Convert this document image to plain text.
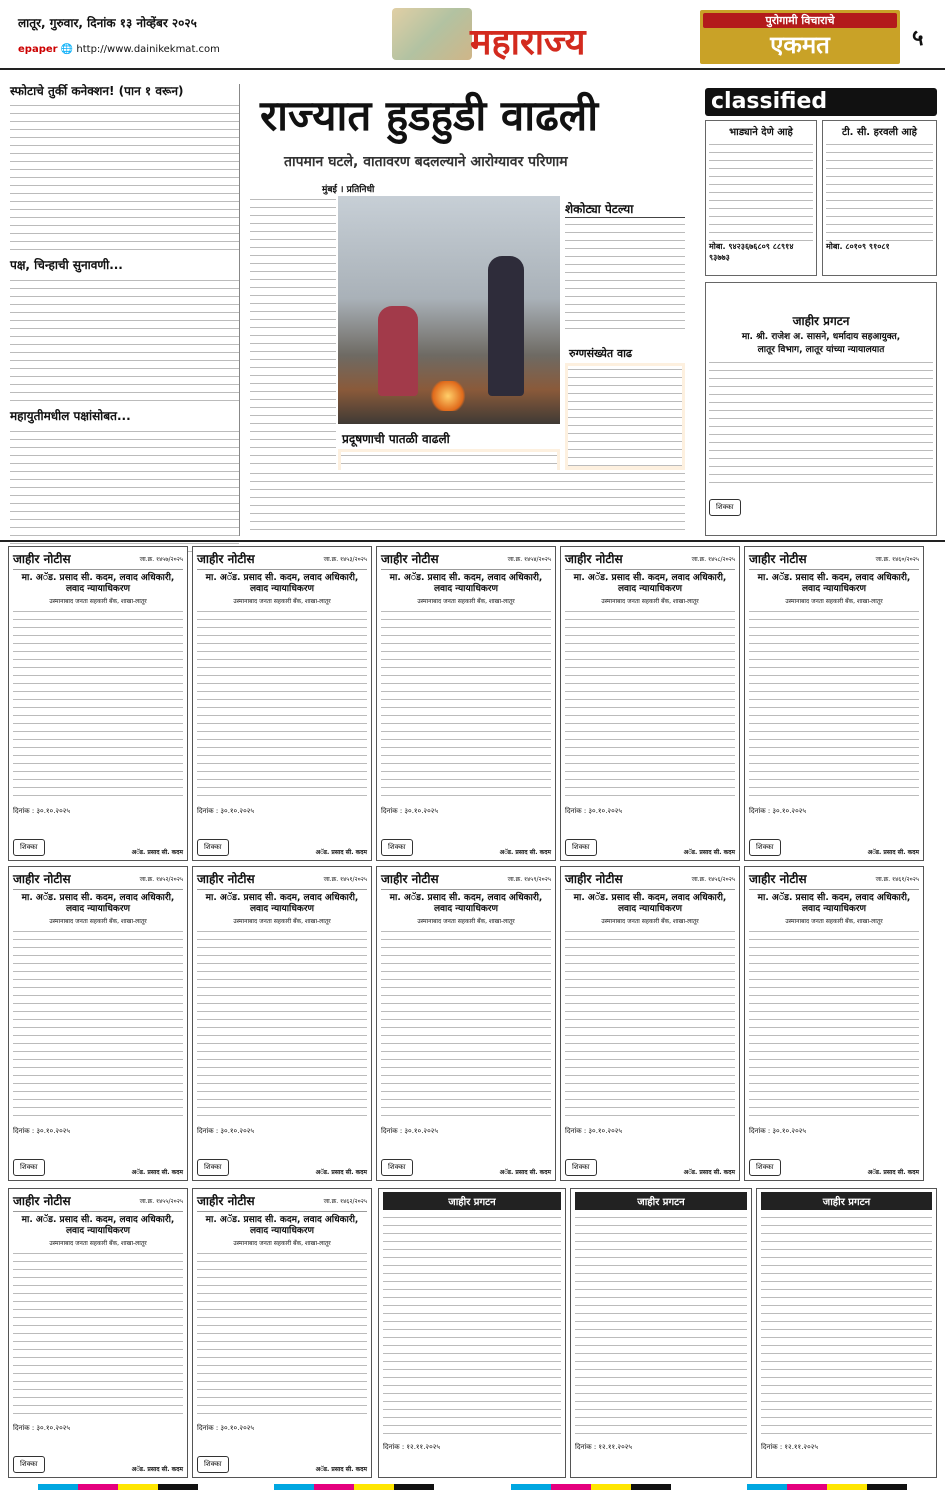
लातूर, गुरुवार, दिनांक १३ नोव्हेंबर २०२५
epaper 🌐 http://www.dainikekmat.com	महाराज्य
पुरोगामी विचाराचे
एकमत	५
स्फोटाचे तुर्की कनेक्शन! (पान १ वरून)
पक्ष, चिन्हाची सुनावणी...
महायुतीमधील पक्षांसोबत...
राज्यात हुडहुडी वाढली
तापमान घटले, वातावरण बदलल्याने आरोग्यावर परिणाम
मुंबई । प्रतिनिधी
शेकोट्या पेटल्या
प्रदूषणाची पातळी वाढली
रुग्णसंख्येत वाढ
classified
भाड्याने देणे आहे
मोबा. ९४२३६७६८०९ ८८९१४ ९३७७३
टी. सी. हरवली आहे
मोबा. ८०१०९ ९१०८१
जाहीर प्रगटन
मा. श्री. राजेश अ. सासने, धर्मादाय सहआयुक्त,
लातूर विभाग, लातूर यांच्या न्यायालयात
शिक्का
जाहीर नोटीस	जा.क्र. १४५७/२०२५
मा. अॅड. प्रसाद सी. कदम, लवाद अधिकारी,
लवाद न्यायाधिकरण
उस्मानाबाद जनता सहकारी बँक, शाखा-लातूर
दिनांक : ३०.१०.२०२५
शिक्का
अॅड. प्रसाद सी. कदम
जाहीर नोटीस	जा.क्र. १४५३/२०२५
मा. अॅड. प्रसाद सी. कदम, लवाद अधिकारी,
लवाद न्यायाधिकरण
उस्मानाबाद जनता सहकारी बँक, शाखा-लातूर
दिनांक : ३०.१०.२०२५
शिक्का
अॅड. प्रसाद सी. कदम
जाहीर नोटीस	जा.क्र. १४५४/२०२५
मा. अॅड. प्रसाद सी. कदम, लवाद अधिकारी,
लवाद न्यायाधिकरण
उस्मानाबाद जनता सहकारी बँक, शाखा-लातूर
दिनांक : ३०.१०.२०२५
शिक्का
अॅड. प्रसाद सी. कदम
जाहीर नोटीस	जा.क्र. १४५८/२०२५
मा. अॅड. प्रसाद सी. कदम, लवाद अधिकारी,
लवाद न्यायाधिकरण
उस्मानाबाद जनता सहकारी बँक, शाखा-लातूर
दिनांक : ३०.१०.२०२५
शिक्का
अॅड. प्रसाद सी. कदम
जाहीर नोटीस	जा.क्र. १४६०/२०२५
मा. अॅड. प्रसाद सी. कदम, लवाद अधिकारी,
लवाद न्यायाधिकरण
उस्मानाबाद जनता सहकारी बँक, शाखा-लातूर
दिनांक : ३०.१०.२०२५
शिक्का
अॅड. प्रसाद सी. कदम
जाहीर नोटीस	जा.क्र. १४५२/२०२५
मा. अॅड. प्रसाद सी. कदम, लवाद अधिकारी,
लवाद न्यायाधिकरण
उस्मानाबाद जनता सहकारी बँक, शाखा-लातूर
दिनांक : ३०.१०.२०२५
शिक्का
अॅड. प्रसाद सी. कदम
जाहीर नोटीस	जा.क्र. १४५१/२०२५
मा. अॅड. प्रसाद सी. कदम, लवाद अधिकारी,
लवाद न्यायाधिकरण
उस्मानाबाद जनता सहकारी बँक, शाखा-लातूर
दिनांक : ३०.१०.२०२५
शिक्का
अॅड. प्रसाद सी. कदम
जाहीर नोटीस	जा.क्र. १४५९/२०२५
मा. अॅड. प्रसाद सी. कदम, लवाद अधिकारी,
लवाद न्यायाधिकरण
उस्मानाबाद जनता सहकारी बँक, शाखा-लातूर
दिनांक : ३०.१०.२०२५
शिक्का
अॅड. प्रसाद सी. कदम
जाहीर नोटीस	जा.क्र. १४५६/२०२५
मा. अॅड. प्रसाद सी. कदम, लवाद अधिकारी,
लवाद न्यायाधिकरण
उस्मानाबाद जनता सहकारी बँक, शाखा-लातूर
दिनांक : ३०.१०.२०२५
शिक्का
अॅड. प्रसाद सी. कदम
जाहीर नोटीस	जा.क्र. १४६१/२०२५
मा. अॅड. प्रसाद सी. कदम, लवाद अधिकारी,
लवाद न्यायाधिकरण
उस्मानाबाद जनता सहकारी बँक, शाखा-लातूर
दिनांक : ३०.१०.२०२५
शिक्का
अॅड. प्रसाद सी. कदम
जाहीर नोटीस	जा.क्र. १४५५/२०२५
मा. अॅड. प्रसाद सी. कदम, लवाद अधिकारी,
लवाद न्यायाधिकरण
उस्मानाबाद जनता सहकारी बँक, शाखा-लातूर
दिनांक : ३०.१०.२०२५
शिक्का
अॅड. प्रसाद सी. कदम
जाहीर नोटीस	जा.क्र. १४६२/२०२५
मा. अॅड. प्रसाद सी. कदम, लवाद अधिकारी,
लवाद न्यायाधिकरण
उस्मानाबाद जनता सहकारी बँक, शाखा-लातूर
दिनांक : ३०.१०.२०२५
शिक्का
अॅड. प्रसाद सी. कदम
जाहीर प्रगटन
दिनांक : १२.११.२०२५
जाहीर प्रगटन
दिनांक : १२.११.२०२५
जाहीर प्रगटन
दिनांक : १२.११.२०२५
